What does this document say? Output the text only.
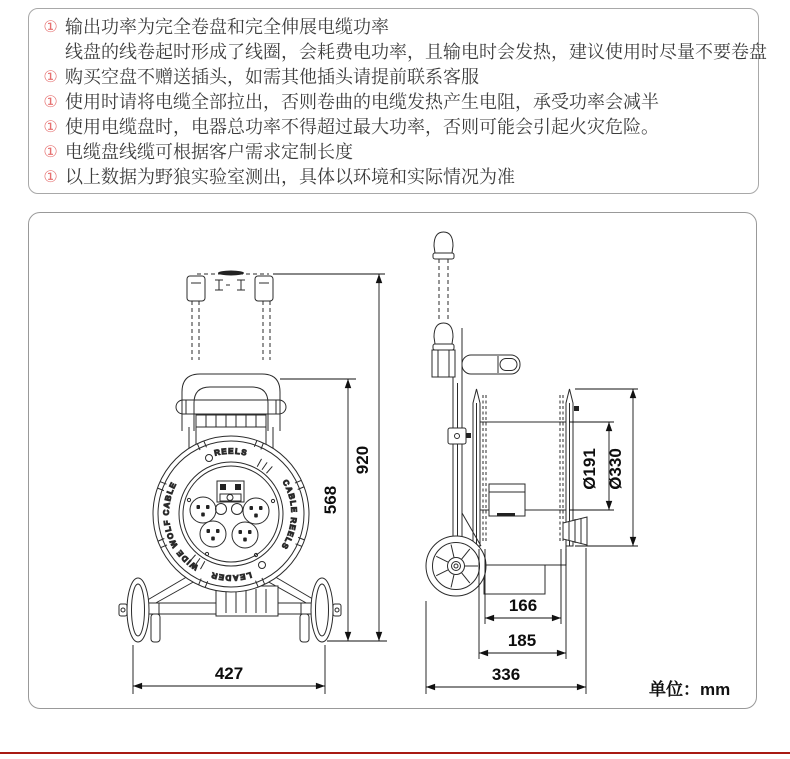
① 输出功率为完全卷盘和完全伸展电缆功率
线盘的线卷起时形成了线圈，会耗费电功率，且输电时会发热，建议使用时尽量不要卷盘
① 购买空盘不赠送插头，如需其他插头请提前联系客服
① 使用时请将电缆全部拉出，否则卷曲的电缆发热产生电阻，承受功率会减半
① 使用电缆盘时，电器总功率不得超过最大功率，否则可能会引起火灾危险。
① 电缆盘线缆可根据客户需求定制长度
① 以上数据为野狼实验室测出，具体以环境和实际情况为准
REELS
WIDE WOLF CABLE	CABLE REELS
LEADER
920
568
427
Ø191 Ø330
166
185
336
单位：mm
